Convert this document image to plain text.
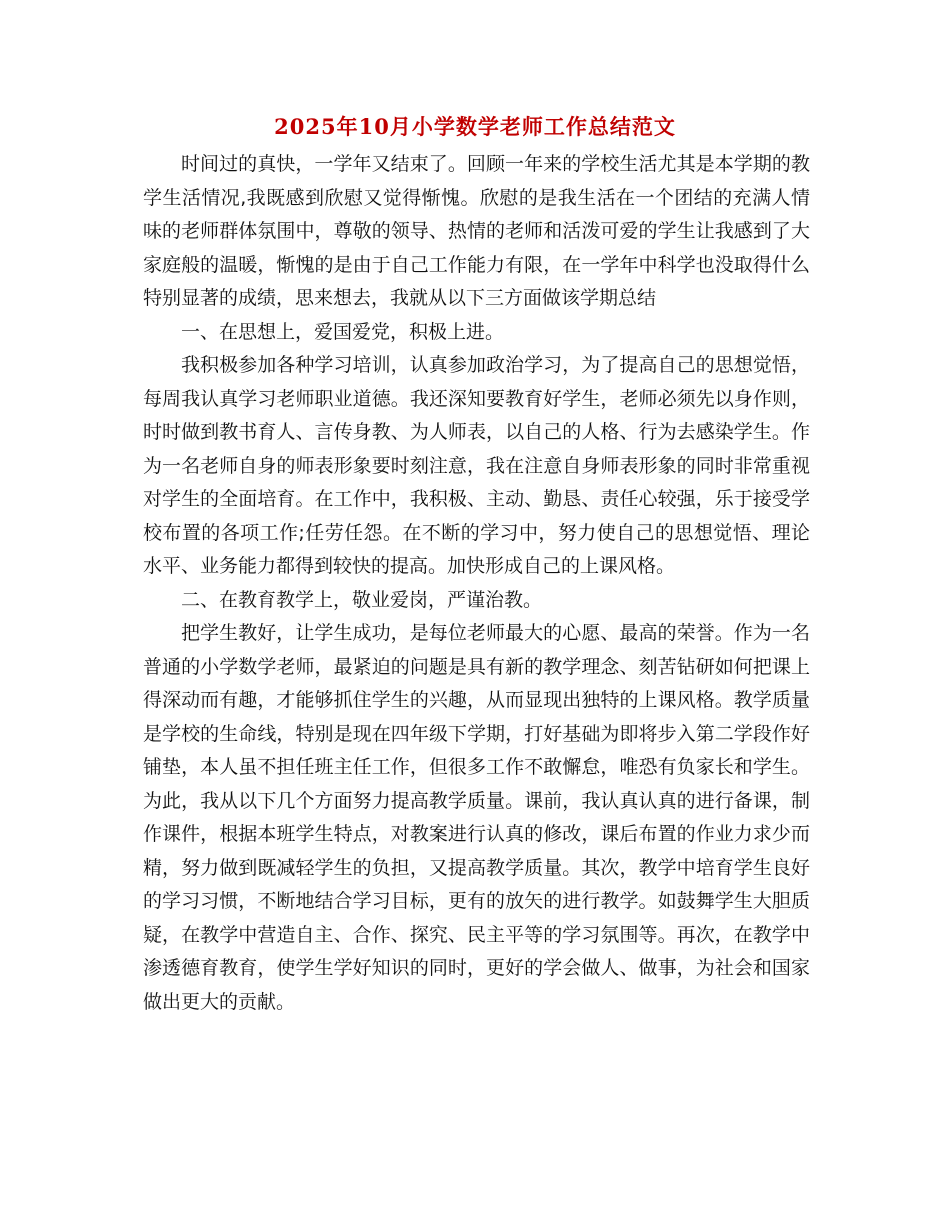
2025年10月小学数学老师工作总结范文

时间过的真快，一学年又结束了。回顾一年来的学校生活尤其是本学期的教学生活情况,我既感到欣慰又觉得惭愧。欣慰的是我生活在一个团结的充满人情味的老师群体氛围中，尊敬的领导、热情的老师和活泼可爱的学生让我感到了大家庭般的温暖，惭愧的是由于自己工作能力有限，在一学年中科学也没取得什么特别显著的成绩，思来想去，我就从以下三方面做该学期总结

一、在思想上，爱国爱党，积极上进。

我积极参加各种学习培训，认真参加政治学习，为了提高自己的思想觉悟，每周我认真学习老师职业道德。我还深知要教育好学生，老师必须先以身作则，时时做到教书育人、言传身教、为人师表，以自己的人格、行为去感染学生。作为一名老师自身的师表形象要时刻注意，我在注意自身师表形象的同时非常重视对学生的全面培育。在工作中，我积极、主动、勤恳、责任心较强，乐于接受学校布置的各项工作;任劳任怨。在不断的学习中，努力使自己的思想觉悟、理论水平、业务能力都得到较快的提高。加快形成自己的上课风格。

二、在教育教学上，敬业爱岗，严谨治教。

把学生教好，让学生成功，是每位老师最大的心愿、最高的荣誉。作为一名普通的小学数学老师，最紧迫的问题是具有新的教学理念、刻苦钻研如何把课上得深动而有趣，才能够抓住学生的兴趣，从而显现出独特的上课风格。教学质量是学校的生命线，特别是现在四年级下学期，打好基础为即将步入第二学段作好铺垫，本人虽不担任班主任工作，但很多工作不敢懈怠，唯恐有负家长和学生。为此，我从以下几个方面努力提高教学质量。课前，我认真认真的进行备课，制作课件，根据本班学生特点，对教案进行认真的修改，课后布置的作业力求少而精，努力做到既减轻学生的负担，又提高教学质量。其次，教学中培育学生良好的学习习惯，不断地结合学习目标，更有的放矢的进行教学。如鼓舞学生大胆质疑，在教学中营造自主、合作、探究、民主平等的学习氛围等。再次，在教学中渗透德育教育，使学生学好知识的同时，更好的学会做人、做事，为社会和国家做出更大的贡献。
